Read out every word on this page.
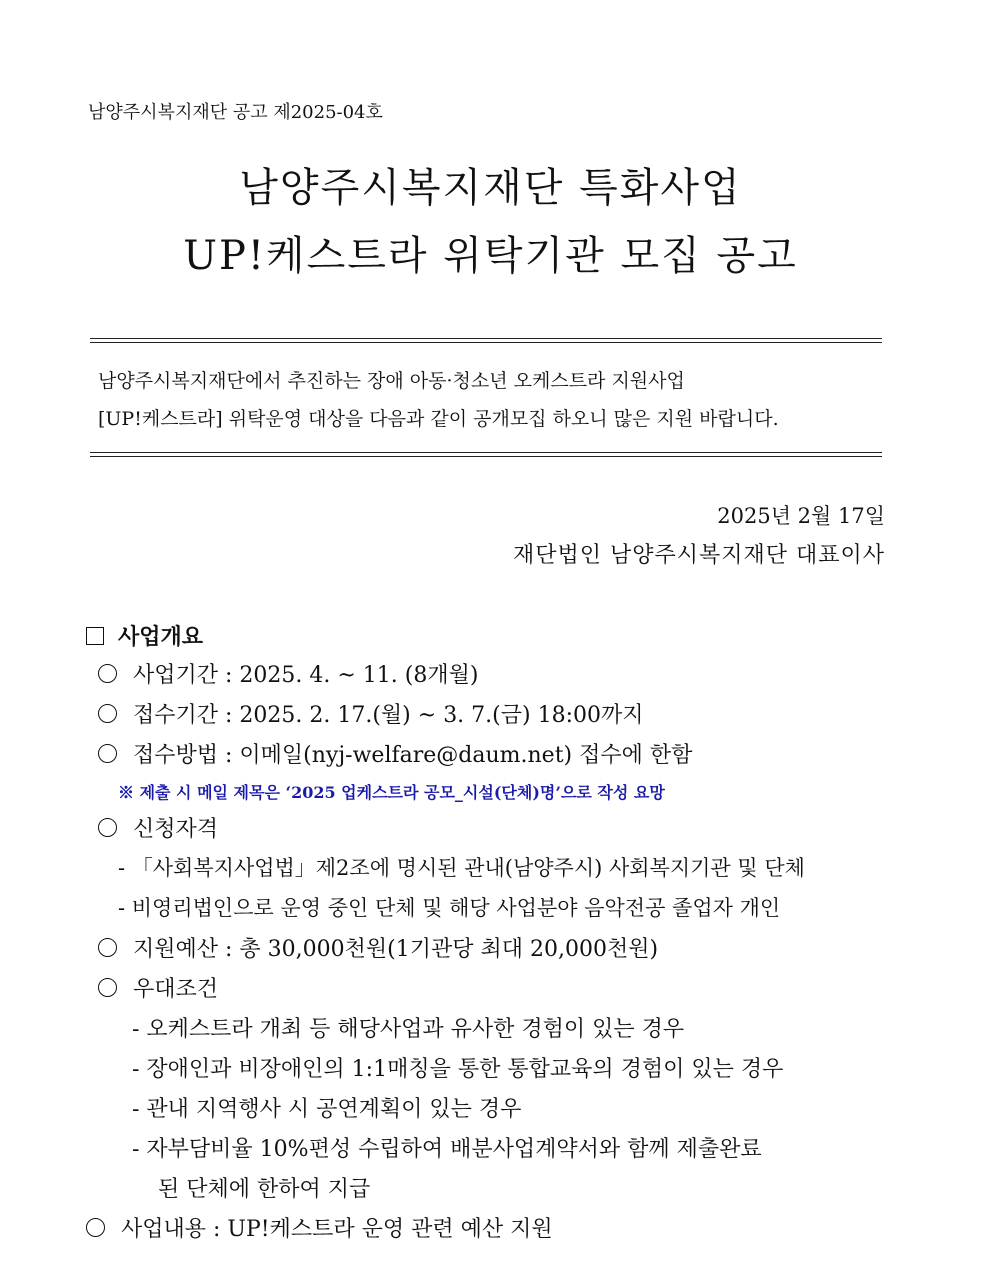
남양주시복지재단 공고 제2025-04호
남양주시복지재단 특화사업
UP!케스트라 위탁기관 모집 공고
남양주시복지재단에서 추진하는 장애 아동·청소년 오케스트라 지원사업
[UP!케스트라] 위탁운영 대상을 다음과 같이 공개모집 하오니 많은 지원 바랍니다.
2025년 2월 17일
재단법인 남양주시복지재단 대표이사
사업개요
사업기간 : 2025. 4. ~ 11. (8개월)
접수기간 : 2025. 2. 17.(월) ~ 3. 7.(금) 18:00까지
접수방법 : 이메일(nyj-welfare@daum.net) 접수에 한함
※ 제출 시 메일 제목은 ‘2025 업케스트라 공모_시설(단체)명’으로 작성 요망
신청자격
- 「사회복지사업법」제2조에 명시된 관내(남양주시) 사회복지기관 및 단체
- 비영리법인으로 운영 중인 단체 및 해당 사업분야 음악전공 졸업자 개인
지원예산 : 총 30,000천원(1기관당 최대 20,000천원)
우대조건
- 오케스트라 개최 등 해당사업과 유사한 경험이 있는 경우
- 장애인과 비장애인의 1:1매칭을 통한 통합교육의 경험이 있는 경우
- 관내 지역행사 시 공연계획이 있는 경우
- 자부담비율 10%편성 수립하여 배분사업계약서와 함께 제출완료
된 단체에 한하여 지급
사업내용 : UP!케스트라 운영 관련 예산 지원
